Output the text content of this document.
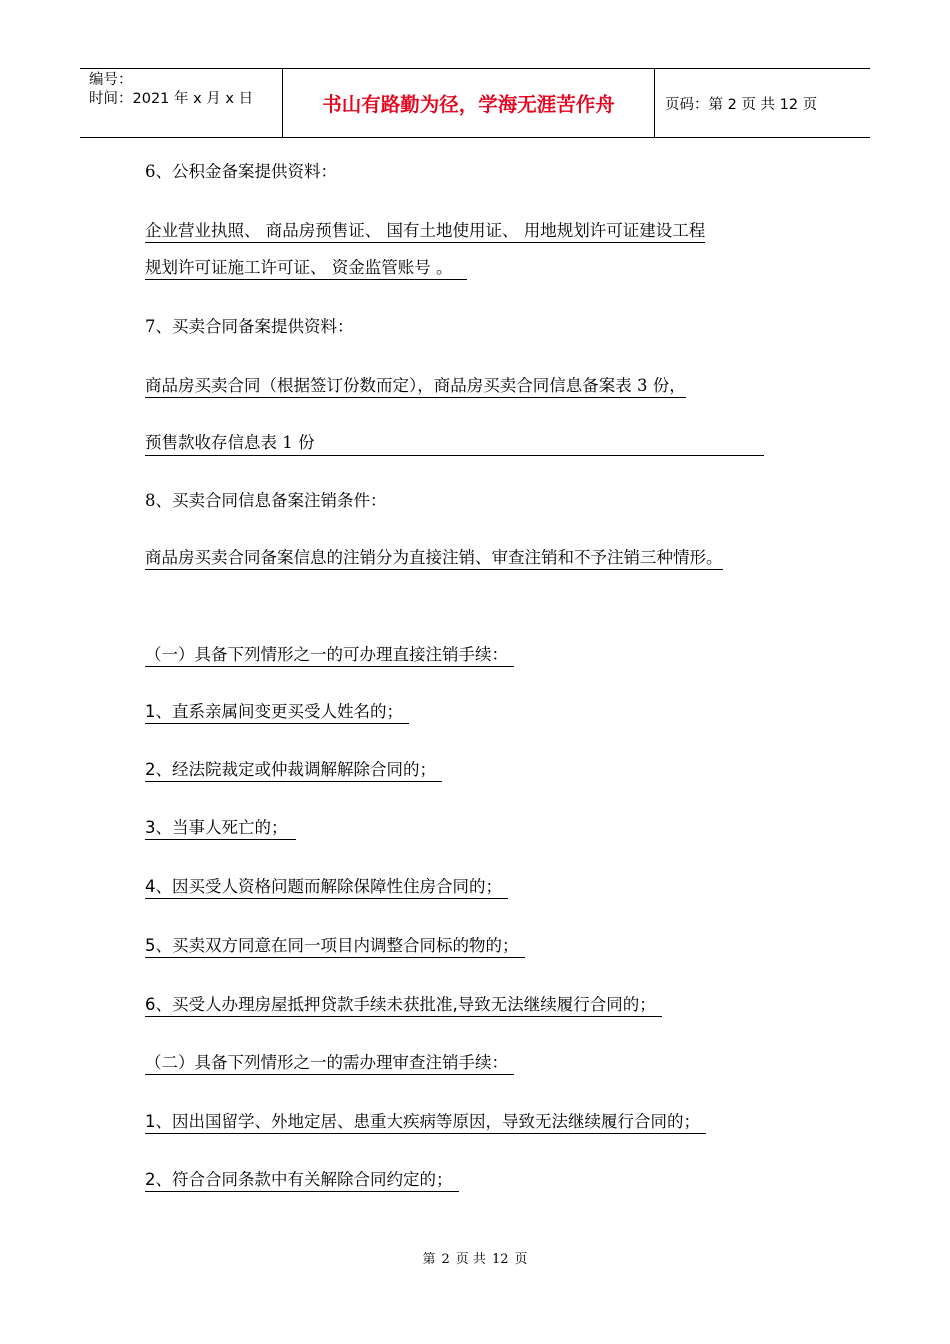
编号：
时间：2021 年 x 月 x 日	书山有路勤为径，学海无涯苦作舟	页码：第 2 页 共 12 页
6、公积金备案提供资料：
企业营业执照、 商品房预售证、 国有土地使用证、 用地规划许可证建设工程
规划许可证施工许可证、 资金监管账号 。
7、买卖合同备案提供资料：
商品房买卖合同（根据签订份数而定），商品房买卖合同信息备案表 3 份，
预售款收存信息表 1 份
8、买卖合同信息备案注销条件：
商品房买卖合同备案信息的注销分为直接注销、审查注销和不予注销三种情形。
（一）具备下列情形之一的可办理直接注销手续：
1、直系亲属间变更买受人姓名的；
2、经法院裁定或仲裁调解解除合同的；
3、当事人死亡的；
4、因买受人资格问题而解除保障性住房合同的；
5、买卖双方同意在同一项目内调整合同标的物的；
6、买受人办理房屋抵押贷款手续未获批准,导致无法继续履行合同的；
（二）具备下列情形之一的需办理审查注销手续：
1、因出国留学、外地定居、患重大疾病等原因，导致无法继续履行合同的；
2、符合合同条款中有关解除合同约定的；
第 2 页 共 12 页
